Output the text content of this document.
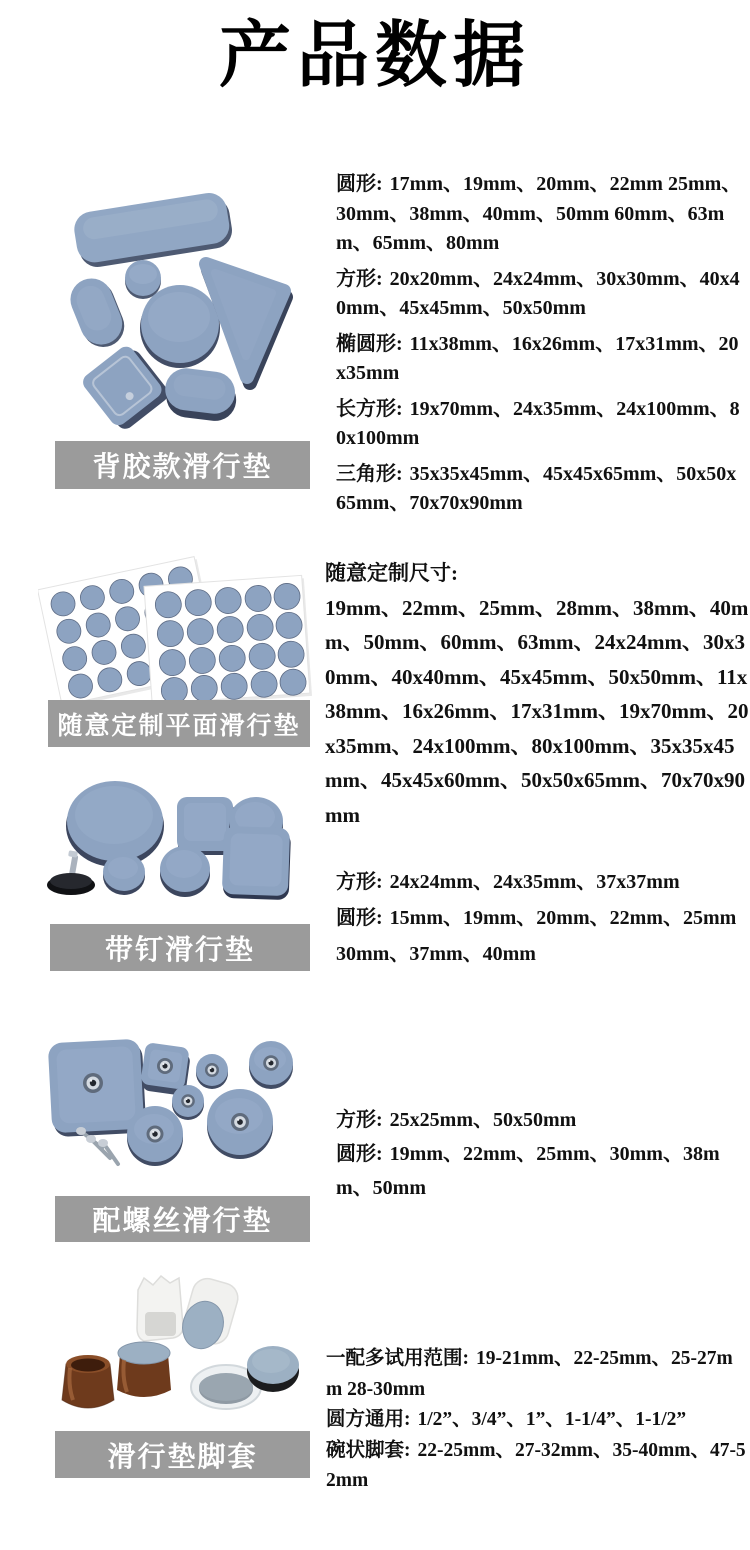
产品数据
背胶款滑行垫

圆形: 17mm、19mm、20mm、22mm 25mm、30mm、38mm、40mm、50mm 60mm、63mm、65mm、80mm

方形: 20x20mm、24x24mm、30x30mm、40x40mm、45x45mm、50x50mm

椭圆形: 11x38mm、16x26mm、17x31mm、20x35mm

长方形: 19x70mm、24x35mm、24x100mm、80x100mm

三角形: 35x35x45mm、45x45x65mm、50x50x65mm、70x70x90mm

随意定制平面滑行垫

随意定制尺寸:

19mm、22mm、25mm、28mm、38mm、40mm、50mm、60mm、63mm、24x24mm、30x30mm、40x40mm、45x45mm、50x50mm、11x38mm、16x26mm、17x31mm、19x70mm、20x35mm、24x100mm、80x100mm、35x35x45mm、45x45x60mm、50x50x65mm、70x70x90mm

带钉滑行垫

方形: 24x24mm、24x35mm、37x37mm

圆形: 15mm、19mm、20mm、22mm、25mm 30mm、37mm、40mm

配螺丝滑行垫

方形: 25x25mm、50x50mm

圆形: 19mm、22mm、25mm、30mm、38mm、50mm

滑行垫脚套

一配多试用范围: 19-21mm、22-25mm、25-27mm 28-30mm

圆方通用: 1/2”、3/4”、1”、1-1/4”、1-1/2”

碗状脚套: 22-25mm、27-32mm、35-40mm、47-52mm
